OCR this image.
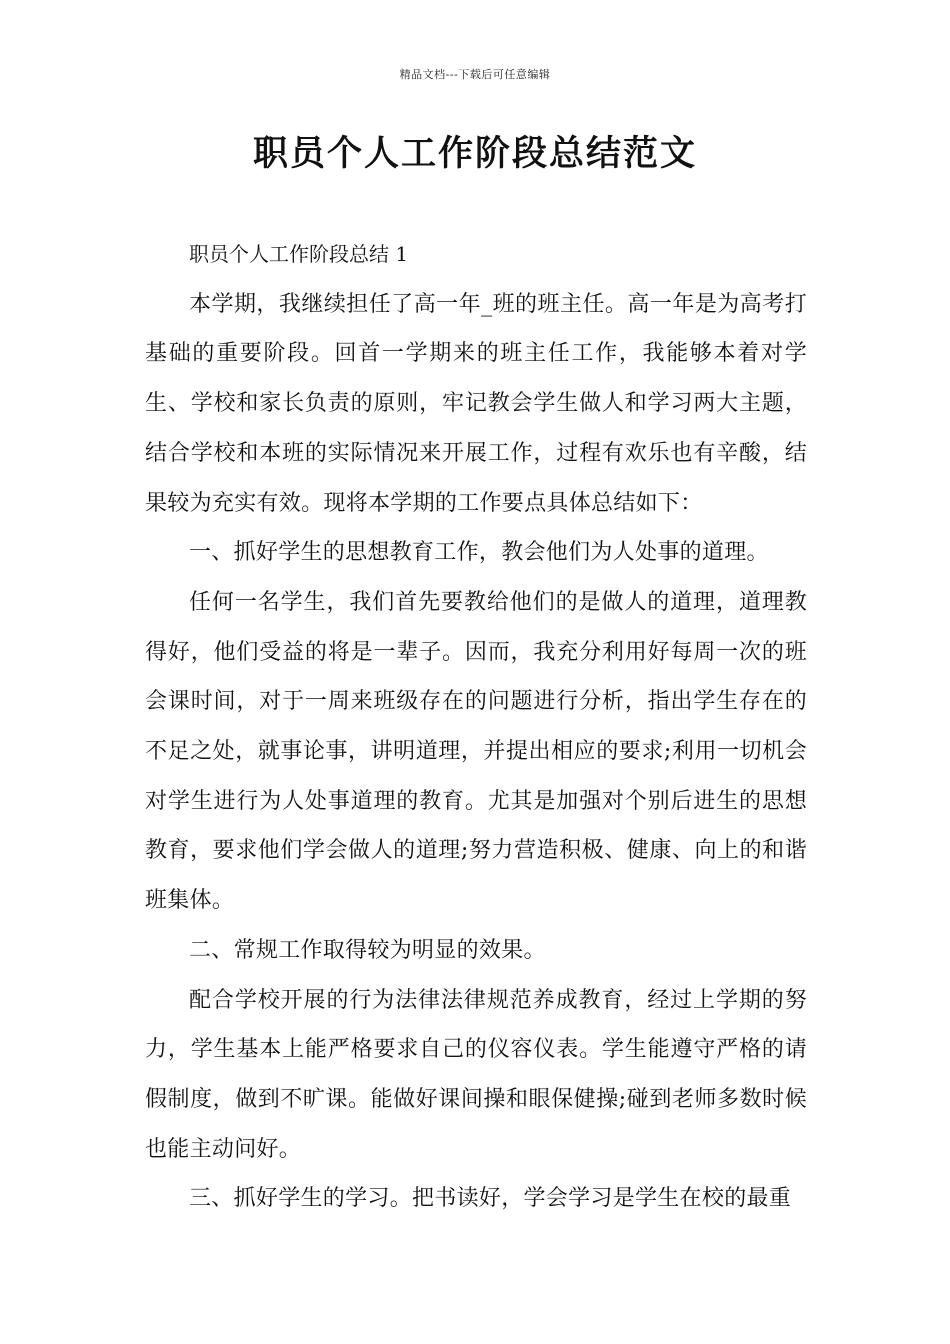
精品文档---下载后可任意编辑
职员个人工作阶段总结范文

职员个人工作阶段总结 1

本学期，我继续担任了高一年_班的班主任。高一年是为高考打基础的重要阶段。回首一学期来的班主任工作，我能够本着对学生、学校和家长负责的原则，牢记教会学生做人和学习两大主题，结合学校和本班的实际情况来开展工作，过程有欢乐也有辛酸，结果较为充实有效。现将本学期的工作要点具体总结如下：

一、抓好学生的思想教育工作，教会他们为人处事的道理。

任何一名学生，我们首先要教给他们的是做人的道理，道理教得好，他们受益的将是一辈子。因而，我充分利用好每周一次的班会课时间，对于一周来班级存在的问题进行分析，指出学生存在的不足之处，就事论事，讲明道理，并提出相应的要求;利用一切机会对学生进行为人处事道理的教育。尤其是加强对个别后进生的思想教育，要求他们学会做人的道理;努力营造积极、健康、向上的和谐班集体。

二、常规工作取得较为明显的效果。

配合学校开展的行为法律法律规范养成教育，经过上学期的努力，学生基本上能严格要求自己的仪容仪表。学生能遵守严格的请假制度，做到不旷课。能做好课间操和眼保健操;碰到老师多数时候也能主动问好。

三、抓好学生的学习。把书读好，学会学习是学生在校的最重
